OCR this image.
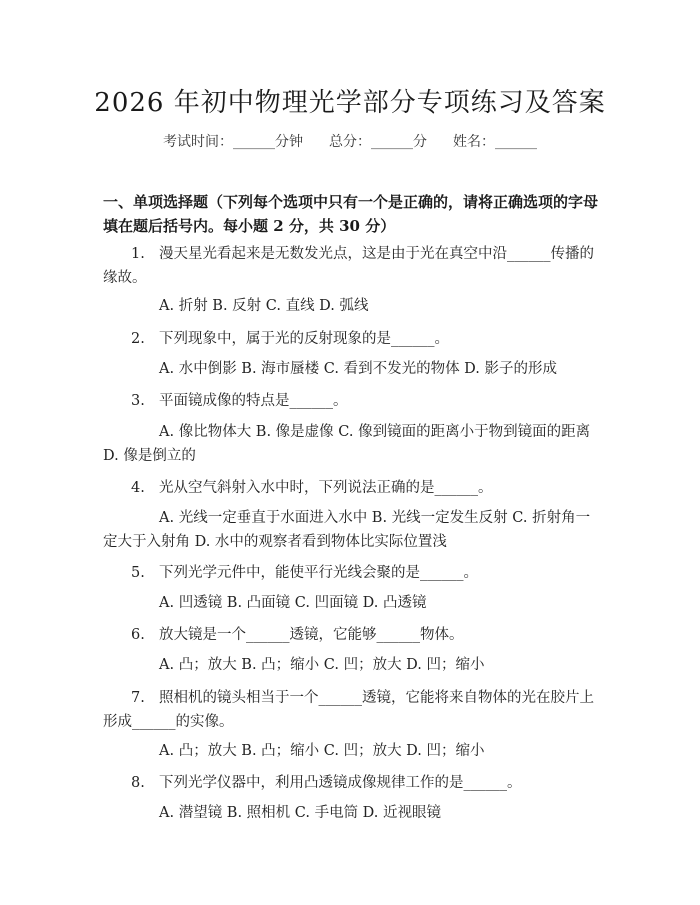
2026 年初中物理光学部分专项练习及答案
考试时间：______分钟 总分：______分 姓名：______
一、单项选择题（下列每个选项中只有一个是正确的，请将正确选项的字母填在题后括号内。每小题 2 分，共 30 分）
1. 漫天星光看起来是无数发光点，这是由于光在真空中沿______传播的缘故。
A. 折射 B. 反射 C. 直线 D. 弧线
2. 下列现象中，属于光的反射现象的是______。
A. 水中倒影 B. 海市蜃楼 C. 看到不发光的物体 D. 影子的形成
3. 平面镜成像的特点是______。
A. 像比物体大 B. 像是虚像 C. 像到镜面的距离小于物到镜面的距离 D. 像是倒立的
4. 光从空气斜射入水中时，下列说法正确的是______。
A. 光线一定垂直于水面进入水中 B. 光线一定发生反射 C. 折射角一定大于入射角 D. 水中的观察者看到物体比实际位置浅
5. 下列光学元件中，能使平行光线会聚的是______。
A. 凹透镜 B. 凸面镜 C. 凹面镜 D. 凸透镜
6. 放大镜是一个______透镜，它能够______物体。
A. 凸；放大 B. 凸；缩小 C. 凹；放大 D. 凹；缩小
7. 照相机的镜头相当于一个______透镜，它能将来自物体的光在胶片上形成______的实像。
A. 凸；放大 B. 凸；缩小 C. 凹；放大 D. 凹；缩小
8. 下列光学仪器中，利用凸透镜成像规律工作的是______。
A. 潜望镜 B. 照相机 C. 手电筒 D. 近视眼镜
